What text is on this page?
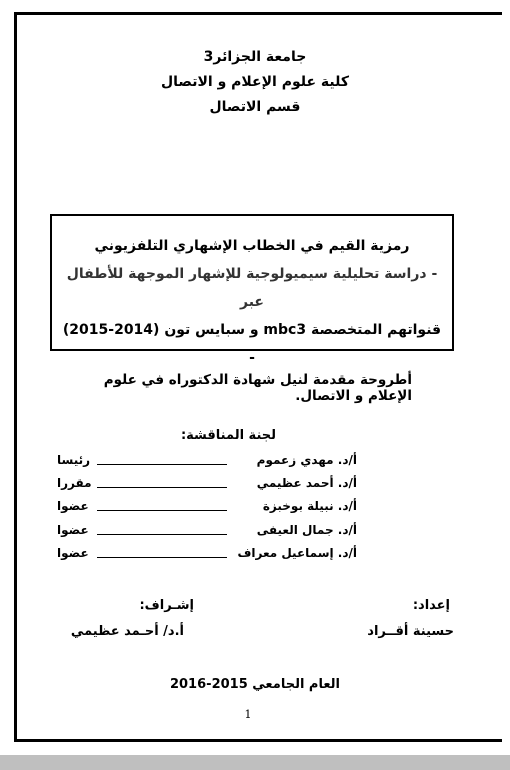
جامعة الجزائر3
كلية علوم الإعلام و الاتصال
قسم الاتصال
رمزية القيم في الخطاب الإشهاري التلفزيوني
- دراسة تحليلية سيميولوجية للإشهار الموجهة للأطفال عبر
قنواتهم المتخصصة mbc3 و سبايس تون (2014-2015) -
أطروحة مقدمة لنيل شهادة الدكتوراه في علوم الإعلام و الاتصال.
لجنة المناقشة:
أ/د. مهدي زعموم
رئيسا
أ/د. أحمد عظيمي
مقررا
أ/د. نبيلة بوخبزة
عضوا
أ/د. جمال العيفى
عضوا
أ/د. إسماعيل معراف
عضوا
إعداد:
حسينة أقــراد
إشـراف:
أ.د/ أحـمد عظيمي
العام الجامعي 2015-2016
1
